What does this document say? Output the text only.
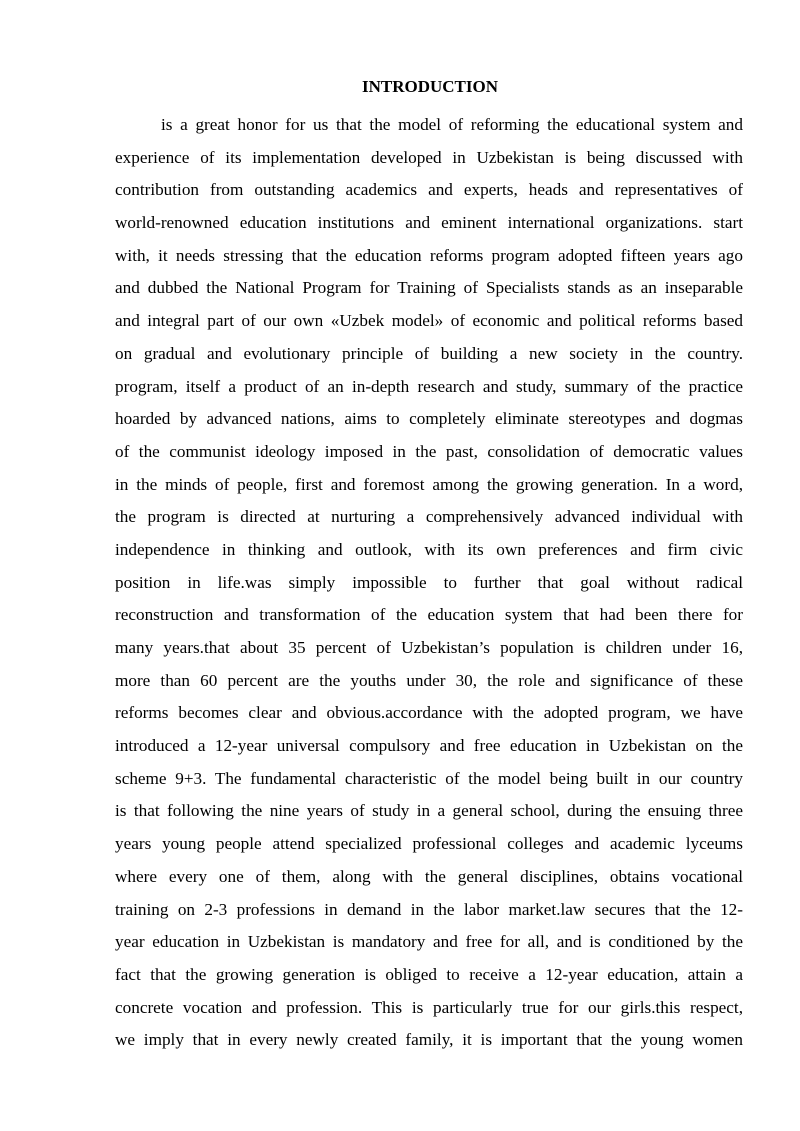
INTRODUCTION
is a great honor for us that the model of reforming the educational system and
experience of its implementation developed in Uzbekistan is being discussed with
contribution from outstanding academics and experts, heads and representatives of
world-renowned education institutions and eminent international organizations. start
with, it needs stressing that the education reforms program adopted fifteen years ago
and dubbed the National Program for Training of Specialists stands as an inseparable
and integral part of our own «Uzbek model» of economic and political reforms based
on gradual and evolutionary principle of building a new society in the country.
program, itself a product of an in-depth research and study, summary of the practice
hoarded by advanced nations, aims to completely eliminate stereotypes and dogmas
of the communist ideology imposed in the past, consolidation of democratic values
in the minds of people, first and foremost among the growing generation. In a word,
the program is directed at nurturing a comprehensively advanced individual with
independence in thinking and outlook, with its own preferences and firm civic
position in life.was simply impossible to further that goal without radical
reconstruction and transformation of the education system that had been there for
many years.that about 35 percent of Uzbekistan’s population is children under 16,
more than 60 percent are the youths under 30, the role and significance of these
reforms becomes clear and obvious.accordance with the adopted program, we have
introduced a 12-year universal compulsory and free education in Uzbekistan on the
scheme 9+3. The fundamental characteristic of the model being built in our country
is that following the nine years of study in a general school, during the ensuing three
years young people attend specialized professional colleges and academic lyceums
where every one of them, along with the general disciplines, obtains vocational
training on 2-3 professions in demand in the labor market.law secures that the 12-
year education in Uzbekistan is mandatory and free for all, and is conditioned by the
fact that the growing generation is obliged to receive a 12-year education, attain a
concrete vocation and profession. This is particularly true for our girls.this respect,
we imply that in every newly created family, it is important that the young women
